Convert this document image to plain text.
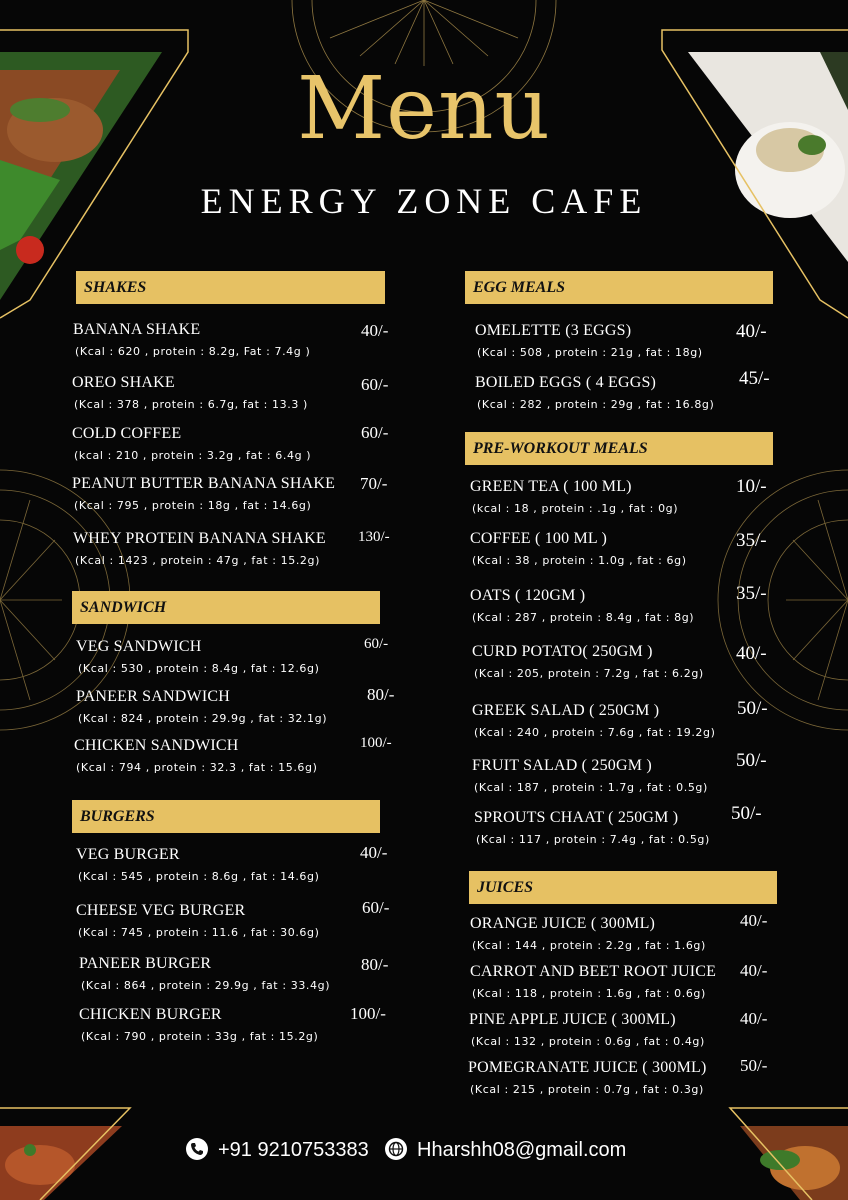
Menu
ENERGY ZONE CAFE
SHAKES
BANANA SHAKE
(Kcal : 620 , protein : 8.2g, Fat : 7.4g )
40/-
OREO SHAKE
(Kcal : 378 , protein : 6.7g, fat : 13.3 )
60/-
COLD COFFEE
(kcal : 210 , protein : 3.2g , fat : 6.4g )
60/-
PEANUT BUTTER BANANA SHAKE
(Kcal : 795 , protein : 18g , fat : 14.6g)
70/-
WHEY PROTEIN BANANA SHAKE
(Kcal : 1423 , protein : 47g , fat : 15.2g)
130/-
SANDWICH
VEG SANDWICH
(Kcal : 530 , protein : 8.4g , fat : 12.6g)
60/-
PANEER SANDWICH
(Kcal : 824 , protein : 29.9g , fat : 32.1g)
80/-
CHICKEN SANDWICH
(Kcal : 794 , protein : 32.3 , fat : 15.6g)
100/-
BURGERS
VEG BURGER
(Kcal : 545 , protein : 8.6g , fat : 14.6g)
40/-
CHEESE VEG BURGER
(Kcal : 745 , protein : 11.6 , fat : 30.6g)
60/-
PANEER BURGER
(Kcal : 864 , protein : 29.9g , fat : 33.4g)
80/-
CHICKEN BURGER
(Kcal : 790 , protein : 33g , fat : 15.2g)
100/-
EGG MEALS
OMELETTE (3 EGGS)
(Kcal : 508 , protein : 21g , fat : 18g)
40/-
BOILED EGGS ( 4 EGGS)
(Kcal : 282 , protein : 29g , fat : 16.8g)
45/-
PRE-WORKOUT MEALS
GREEN TEA ( 100 ML)
(kcal : 18 , protein : .1g , fat : 0g)
10/-
COFFEE ( 100 ML )
(Kcal : 38 , protein : 1.0g , fat : 6g)
35/-
OATS ( 120GM )
(Kcal : 287 , protein : 8.4g , fat : 8g)
35/-
CURD POTATO( 250GM )
(Kcal : 205, protein : 7.2g , fat : 6.2g)
40/-
GREEK SALAD ( 250GM )
(Kcal : 240 , protein : 7.6g , fat : 19.2g)
50/-
FRUIT SALAD ( 250GM )
(Kcal : 187 , protein : 1.7g , fat : 0.5g)
50/-
SPROUTS CHAAT ( 250GM )
(Kcal : 117 , protein : 7.4g , fat : 0.5g)
50/-
JUICES
ORANGE JUICE ( 300ML)
(Kcal : 144 , protein : 2.2g , fat : 1.6g)
40/-
CARROT AND BEET ROOT JUICE
(Kcal : 118 , protein : 1.6g , fat : 0.6g)
40/-
PINE APPLE JUICE ( 300ML)
(Kcal : 132 , protein : 0.6g , fat : 0.4g)
40/-
POMEGRANATE JUICE ( 300ML)
(Kcal : 215 , protein : 0.7g , fat : 0.3g)
50/-
+91 9210753383 Hharshh08@gmail.com
